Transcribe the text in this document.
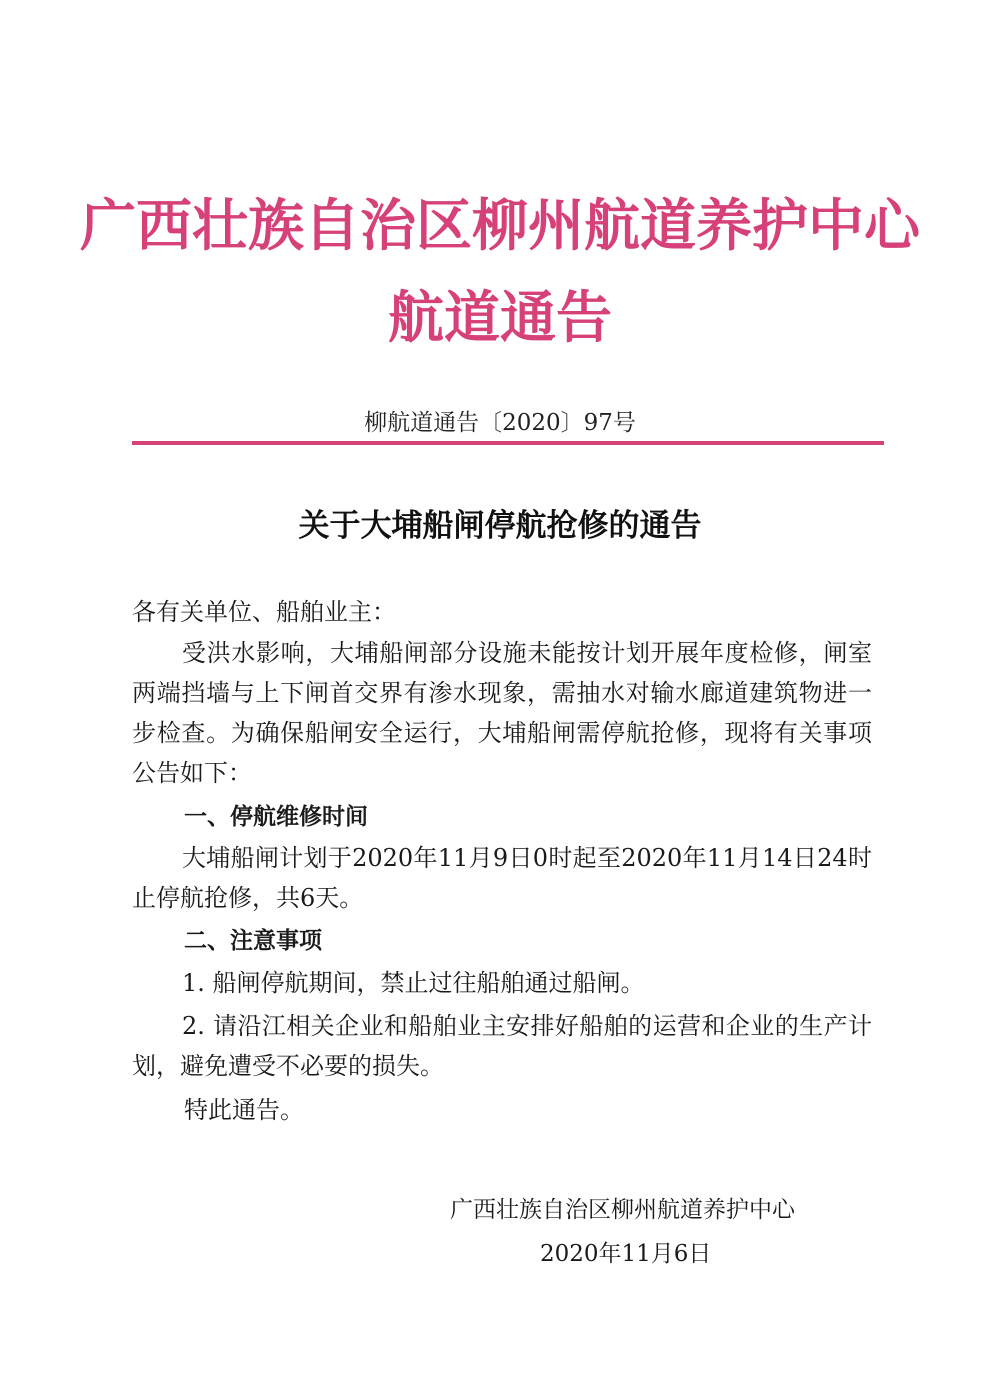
广西壮族自治区柳州航道养护中心
航道通告
柳航道通告〔2020〕97号
关于大埔船闸停航抢修的通告
各有关单位、船舶业主：
受洪水影响，大埔船闸部分设施未能按计划开展年度检修，闸室两端挡墙与上下闸首交界有渗水现象，需抽水对输水廊道建筑物进一步检查。为确保船闸安全运行，大埔船闸需停航抢修，现将有关事项公告如下：
一、停航维修时间
大埔船闸计划于2020年11月9日0时起至2020年11月14日24时止停航抢修，共6天。
二、注意事项
1. 船闸停航期间，禁止过往船舶通过船闸。
2. 请沿江相关企业和船舶业主安排好船舶的运营和企业的生产计划，避免遭受不必要的损失。
特此通告。
广西壮族自治区柳州航道养护中心
2020年11月6日
